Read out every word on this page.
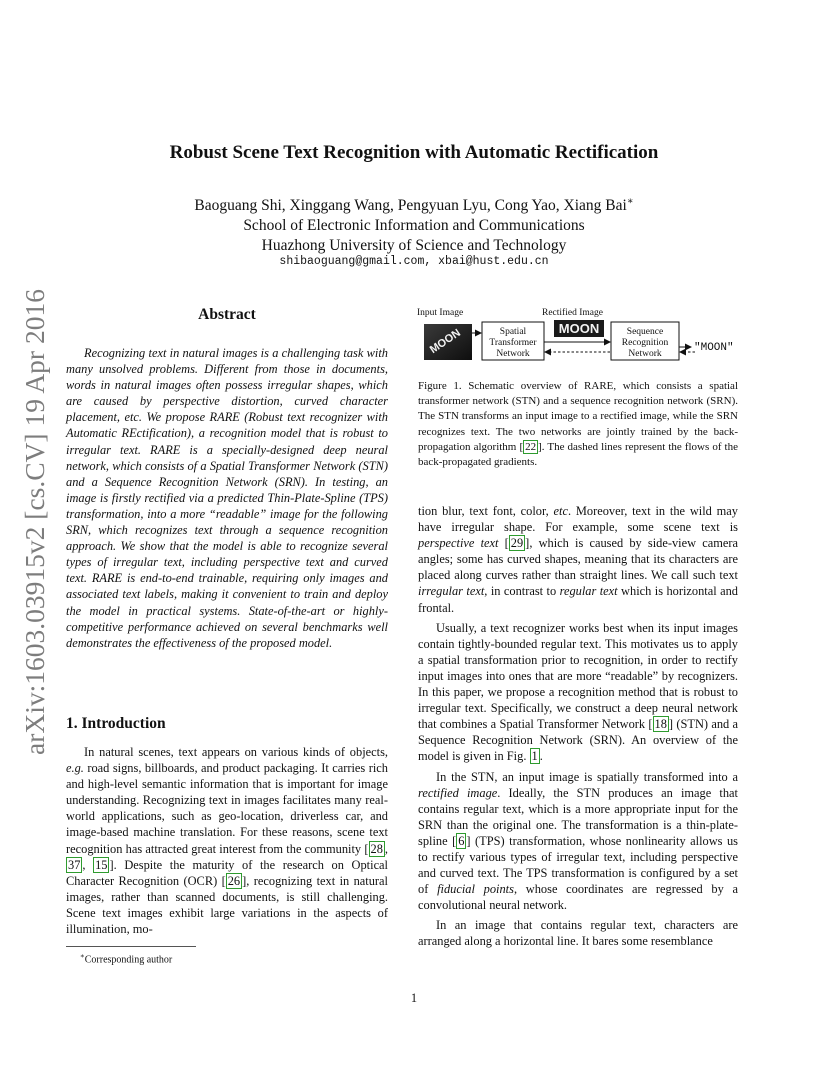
arXiv:1603.03915v2 [cs.CV] 19 Apr 2016
Robust Scene Text Recognition with Automatic Rectification
Baoguang Shi, Xinggang Wang, Pengyuan Lyu, Cong Yao, Xiang Bai∗
School of Electronic Information and Communications
Huazhong University of Science and Technology
shibaoguang@gmail.com, xbai@hust.edu.cn
Abstract

Recognizing text in natural images is a challenging task with many unsolved problems. Different from those in documents, words in natural images often possess irregular shapes, which are caused by perspective distortion, curved character placement, etc. We propose RARE (Robust text recognizer with Automatic REctification), a recognition model that is robust to irregular text. RARE is a specially-designed deep neural network, which consists of a Spatial Transformer Network (STN) and a Sequence Recognition Network (SRN). In testing, an image is firstly rectified via a predicted Thin-Plate-Spline (TPS) transformation, into a more “readable” image for the following SRN, which recognizes text through a sequence recognition approach. We show that the model is able to recognize several types of irregular text, including perspective text and curved text. RARE is end-to-end trainable, requiring only images and associated text labels, making it convenient to train and deploy the model in practical systems. State-of-the-art or highly-competitive performance achieved on several benchmarks well demonstrates the effectiveness of the proposed model.

1. Introduction

In natural scenes, text appears on various kinds of objects, e.g. road signs, billboards, and product packaging. It carries rich and high-level semantic information that is important for image understanding. Recognizing text in images facilitates many real-world applications, such as geo-location, driverless car, and image-based machine translation. For these reasons, scene text recognition has attracted great interest from the community [ 28 , 37 , 15 ]. Despite the maturity of the research on Optical Character Recognition (OCR) [ 26 ], recognizing text in natural images, rather than scanned documents, is still challenging. Scene text images exhibit large variations in the aspects of illumination, mo-

Input Image	Rectified Image
MOON	Spatial
Transformer
Network
MOON	Sequence
Recognition
Network	"MOON"
Figure 1. Schematic overview of RARE, which consists a spatial transformer network (STN) and a sequence recognition network (SRN). The STN transforms an input image to a rectified image, while the SRN recognizes text. The two networks are jointly trained by the back-propagation algorithm [ 22 ]. The dashed lines represent the flows of the back-propagated gradients.

tion blur, text font, color, etc. Moreover, text in the wild may have irregular shape. For example, some scene text is perspective text [ 29 ], which is caused by side-view camera angles; some has curved shapes, meaning that its characters are placed along curves rather than straight lines. We call such text irregular text, in contrast to regular text which is horizontal and frontal.

Usually, a text recognizer works best when its input images contain tightly-bounded regular text. This motivates us to apply a spatial transformation prior to recognition, in order to rectify input images into ones that are more “readable” by recognizers. In this paper, we propose a recognition method that is robust to irregular text. Specifically, we construct a deep neural network that combines a Spatial Transformer Network [ 18 ] (STN) and a Sequence Recognition Network (SRN). An overview of the model is given in Fig. 1 .

In the STN, an input image is spatially transformed into a rectified image. Ideally, the STN produces an image that contains regular text, which is a more appropriate input for the SRN than the original one. The transformation is a thin-plate-spline [ 6 ] (TPS) transformation, whose nonlinearity allows us to rectify various types of irregular text, including perspective and curved text. The TPS transformation is configured by a set of fiducial points, whose coordinates are regressed by a convolutional neural network.

In an image that contains regular text, characters are arranged along a horizontal line. It bares some resemblance

∗Corresponding author
1
